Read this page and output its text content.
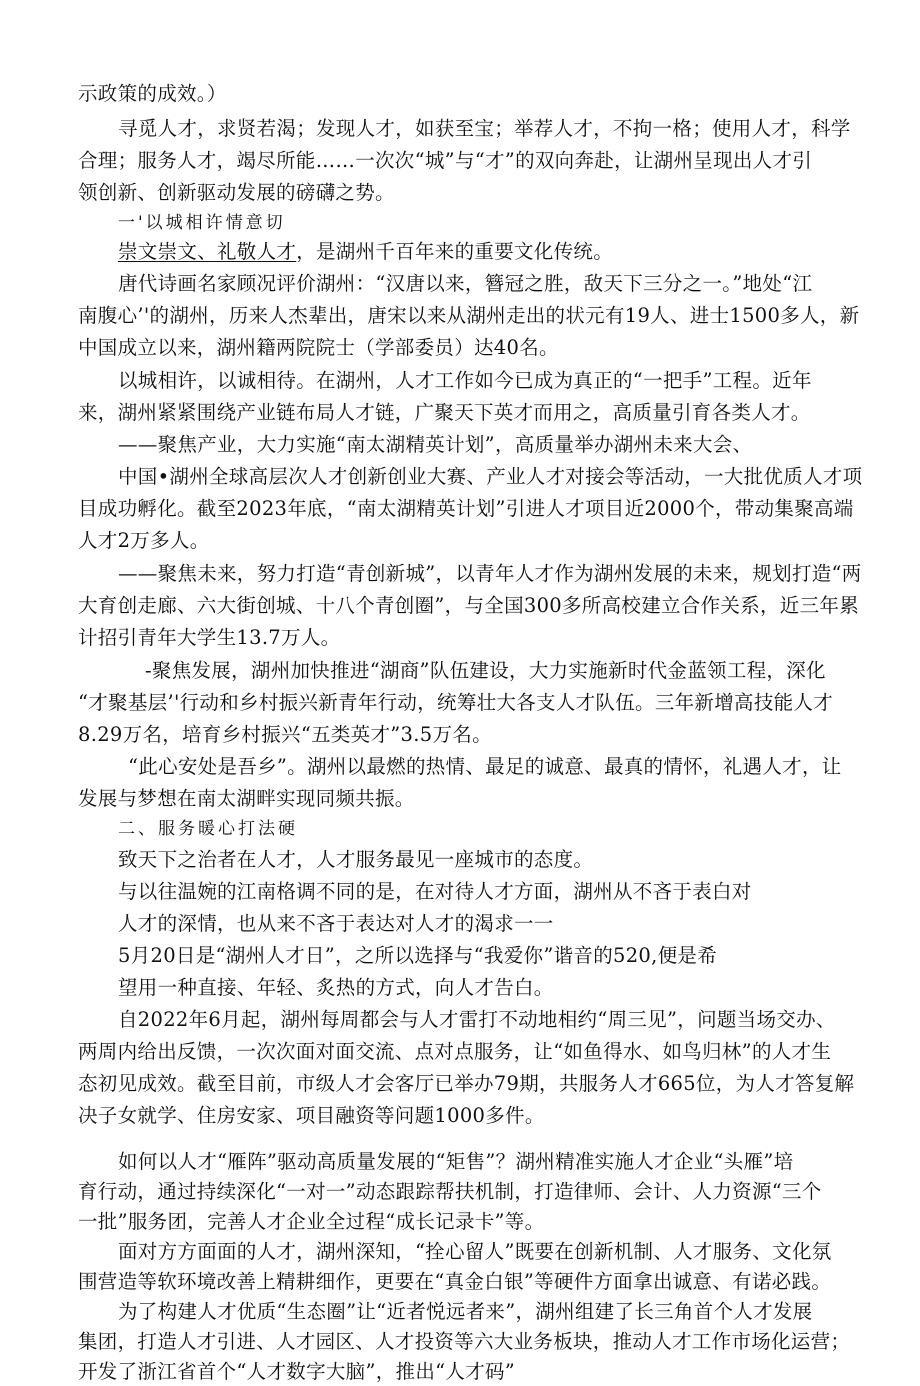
示政策的成效。）
寻觅人才，求贤若渴；发现人才，如获至宝；举荐人才，不拘一格；使用人才，科学
合理；服务人才，竭尽所能……一次次“城”与“才”的双向奔赴，让湖州呈现出人才引
领创新、创新驱动发展的磅礴之势。
一'以城相许情意切
崇文崇文、礼敬人才，是湖州千百年来的重要文化传统。
唐代诗画名家顾况评价湖州：“汉唐以来，簪冠之胜，敌天下三分之一。”地处“江
南腹心’'的湖州，历来人杰辈出，唐宋以来从湖州走出的状元有19人、进士1500多人，新
中国成立以来，湖州籍两院院士（学部委员）达40名。
以城相许，以诚相待。在湖州，人才工作如今已成为真正的“一把手”工程。近年
来，湖州紧紧围绕产业链布局人才链，广聚天下英才而用之，高质量引育各类人才。
——聚焦产业，大力实施“南太湖精英计划”，高质量举办湖州未来大会、
中国•湖州全球高层次人才创新创业大赛、产业人才对接会等活动，一大批优质人才项
目成功孵化。截至2023年底，“南太湖精英计划”引进人才项目近2000个，带动集聚高端
人才2万多人。
——聚焦未来，努力打造“青创新城”，以青年人才作为湖州发展的未来，规划打造“两
大育创走廊、六大街创城、十八个青创圈”，与全国300多所高校建立合作关系，近三年累
计招引青年大学生13.7万人。
-聚焦发展，湖州加快推进“湖商”队伍建设，大力实施新时代金蓝领工程，深化
“才聚基层’'行动和乡村振兴新青年行动，统筹壮大各支人才队伍。三年新增高技能人才
8.29万名，培育乡村振兴“五类英才”3.5万名。
“此心安处是吾乡”。湖州以最燃的热情、最足的诚意、最真的情怀，礼遇人才，让
发展与梦想在南太湖畔实现同频共振。
二、服务暖心打法硬
致天下之治者在人才，人才服务最见一座城市的态度。
与以往温婉的江南格调不同的是，在对待人才方面，湖州从不吝于表白对
人才的深情，也从来不吝于表达对人才的渴求一一
5月20日是“湖州人才日”，之所以选择与“我爱你”谐音的520,便是希
望用一种直接、年轻、炙热的方式，向人才告白。
自2022年6月起，湖州每周都会与人才雷打不动地相约“周三见”，问题当场交办、
两周内给出反馈，一次次面对面交流、点对点服务，让“如鱼得水、如鸟归林”的人才生
态初见成效。截至目前，市级人才会客厅已举办79期，共服务人才665位，为人才答复解
决子女就学、住房安家、项目融资等问题1000多件。
如何以人才“雁阵”驱动高质量发展的“矩售”？湖州精准实施人才企业“头雁”培
育行动，通过持续深化“一对一”动态跟踪帮扶机制，打造律师、会计、人力资源“三个
一批”服务团，完善人才企业全过程“成长记录卡”等。
面对方方面面的人才，湖州深知，“拴心留人”既要在创新机制、人才服务、文化氛
围营造等软环境改善上精耕细作，更要在“真金白银”等硬件方面拿出诚意、有诺必践。
为了构建人才优质“生态圈”让“近者悦远者来”，湖州组建了长三角首个人才发展
集团，打造人才引进、人才园区、人才投资等六大业务板块，推动人才工作市场化运营；
开发了浙江省首个“人才数字大脑”，推出“人才码”
